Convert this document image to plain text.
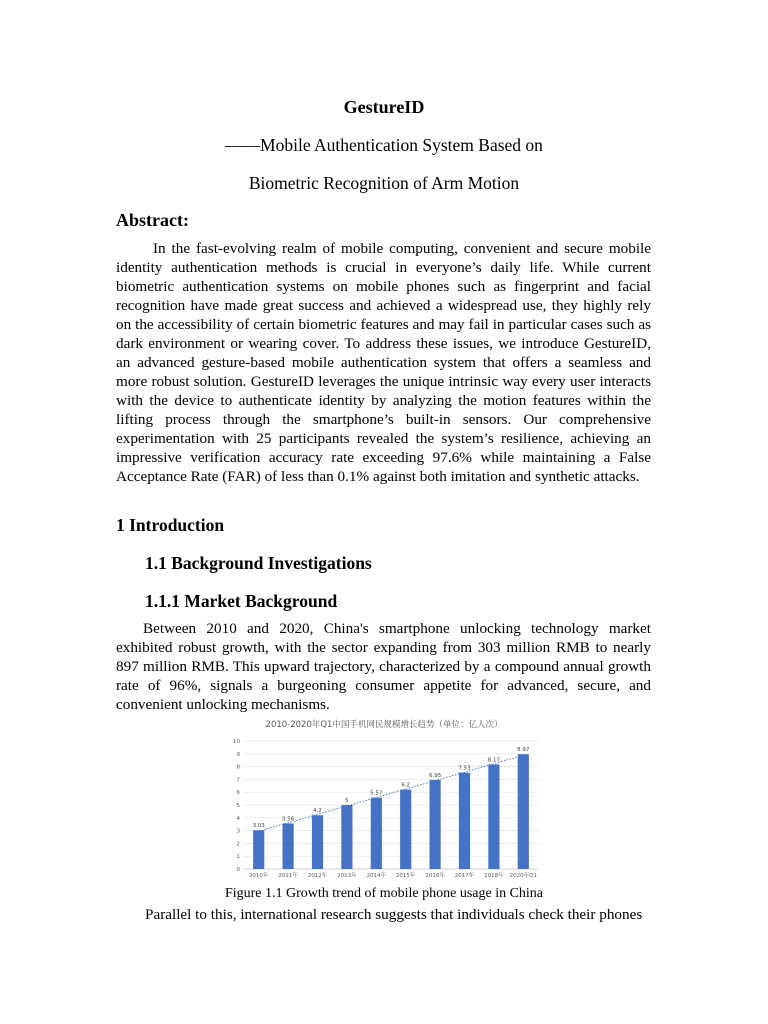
GestureID
——Mobile Authentication System Based on
Biometric Recognition of Arm Motion
Abstract:

In the fast-evolving realm of mobile computing, convenient and secure mobile identity authentication methods is crucial in everyone’s daily life. While current biometric authentication systems on mobile phones such as fingerprint and facial recognition have made great success and achieved a widespread use, they highly rely on the accessibility of certain biometric features and may fail in particular cases such as dark environment or wearing cover. To address these issues, we introduce GestureID, an advanced gesture-based mobile authentication system that offers a seamless and more robust solution. GestureID leverages the unique intrinsic way every user interacts with the device to authenticate identity by analyzing the motion features within the lifting process through the smartphone’s built-in sensors. Our comprehensive experimentation with 25 participants revealed the system’s resilience, achieving an impressive verification accuracy rate exceeding 97.6% while maintaining a False Acceptance Rate (FAR) of less than 0.1% against both imitation and synthetic attacks.

1 Introduction
1.1 Background Investigations
1.1.1 Market Background

Between 2010 and 2020, China's smartphone unlocking technology market exhibited robust growth, with the sector expanding from 303 million RMB to nearly 897 million RMB. This upward trajectory, characterized by a compound annual growth rate of 96%, signals a burgeoning consumer appetite for advanced, secure, and convenient unlocking mechanisms.

2010-2020年Q1中国手机网民规模增长趋势（单位：亿人次）
0
1
2
3
4
5
6
7
8
9
10
3.03
2010年
3.56
2011年
4.2
2012年
5
2013年
5.57
2014年
6.2
2015年
6.95
2016年
7.53
2017年
8.17
2018年
8.97
2020年Q1
Figure 1.1 Growth trend of mobile phone usage in China
Parallel to this, international research suggests that individuals check their phones
